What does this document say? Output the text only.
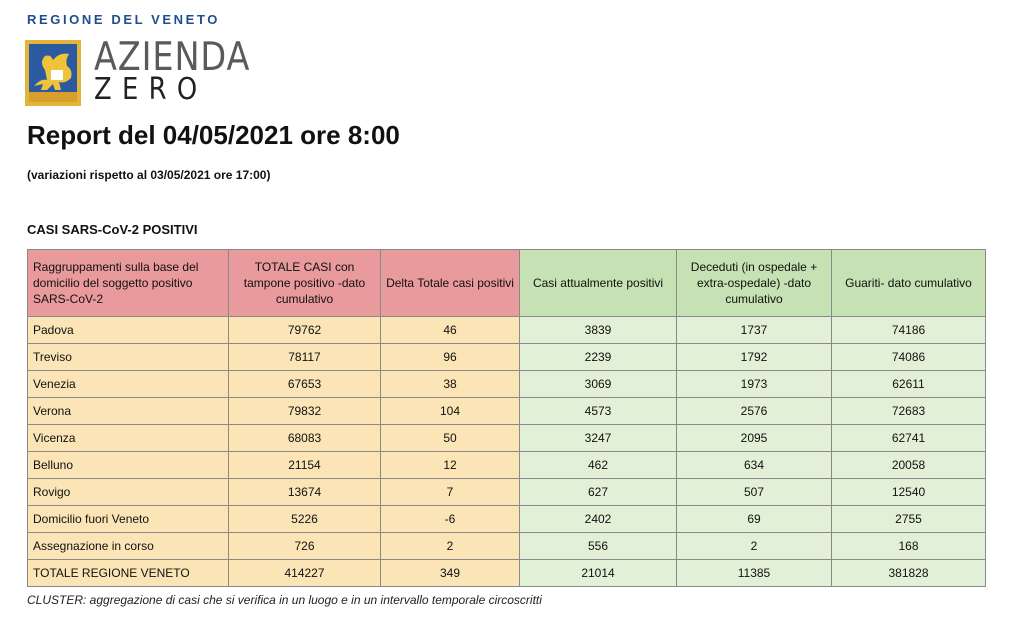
REGIONE DEL VENETO
AZIENDA
ZERO
Report del 04/05/2021 ore 8:00
(variazioni rispetto al 03/05/2021 ore 17:00)
CASI SARS-CoV-2 POSITIVI
Raggruppamenti sulla base del domicilio del soggetto positivo SARS-CoV-2	TOTALE CASI con tampone positivo -dato cumulativo	Delta Totale casi positivi	Casi attualmente positivi	Deceduti (in ospedale + extra-ospedale) -dato cumulativo	Guariti- dato cumulativo
Padova	79762	46	3839	1737	74186
Treviso	78117	96	2239	1792	74086
Venezia	67653	38	3069	1973	62611
Verona	79832	104	4573	2576	72683
Vicenza	68083	50	3247	2095	62741
Belluno	21154	12	462	634	20058
Rovigo	13674	7	627	507	12540
Domicilio fuori Veneto	5226	-6	2402	69	2755
Assegnazione in corso	726	2	556	2	168
TOTALE REGIONE VENETO	414227	349	21014	11385	381828
CLUSTER: aggregazione di casi che si verifica in un luogo e in un intervallo temporale circoscritti
